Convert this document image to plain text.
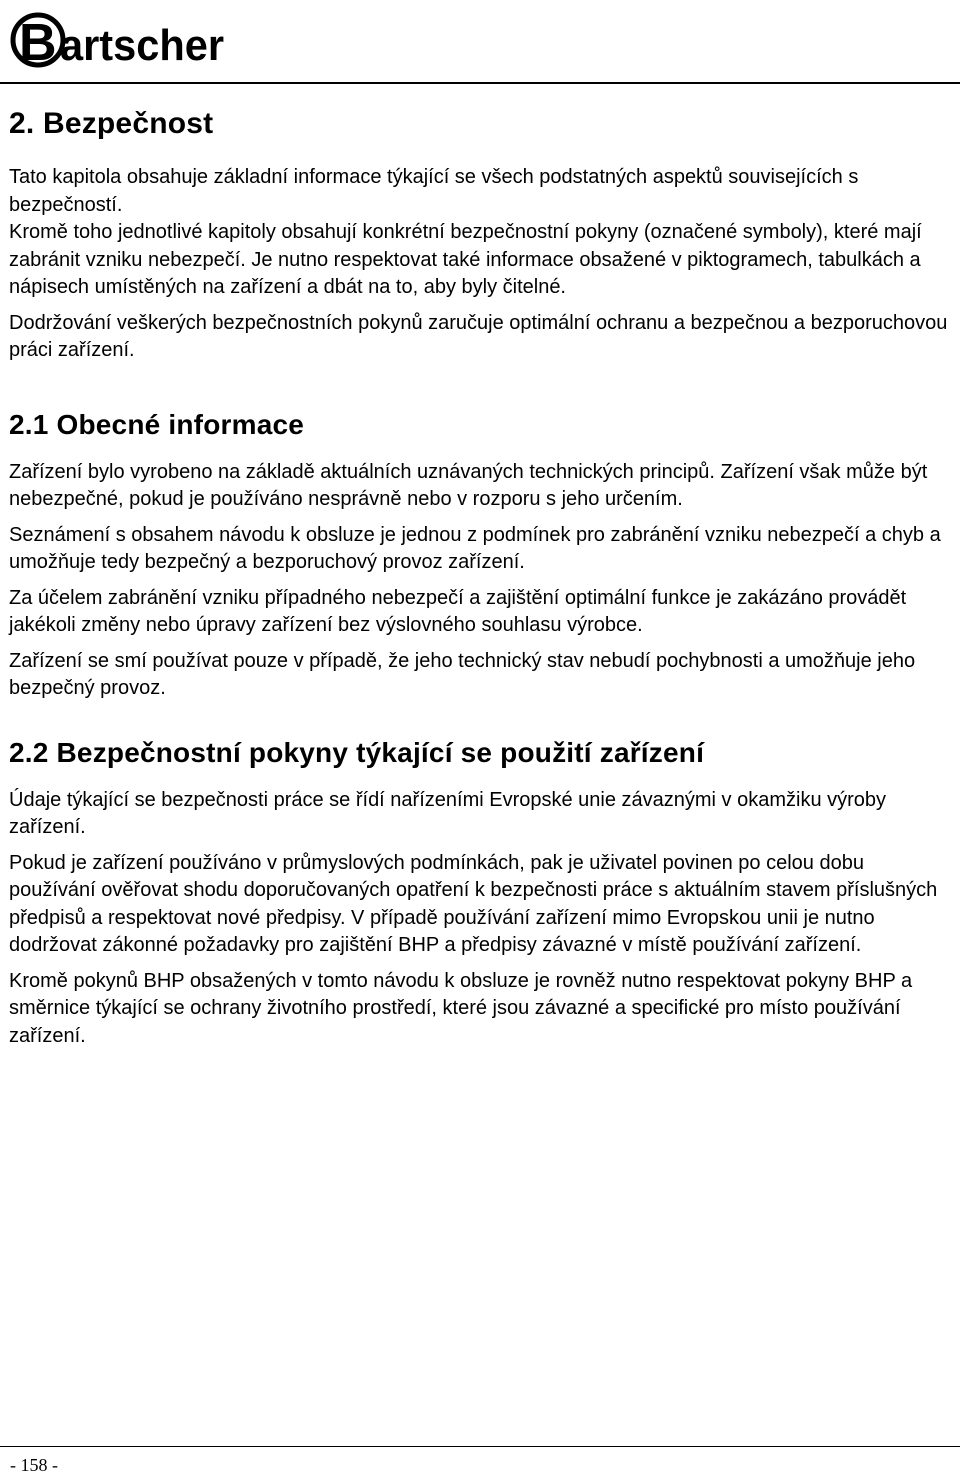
B artscher
2. Bezpečnost

Tato kapitola obsahuje základní informace týkající se všech podstatných aspektů souvisejících s bezpečností.

Kromě toho jednotlivé kapitoly obsahují konkrétní bezpečnostní pokyny (označené symboly), které mají zabránit vzniku nebezpečí. Je nutno respektovat také informace obsažené v piktogramech, tabulkách a nápisech umístěných na zařízení a dbát na to, aby byly čitelné.

Dodržování veškerých bezpečnostních pokynů zaručuje optimální ochranu a bezpečnou a bezporuchovou práci zařízení.

2.1 Obecné informace

Zařízení bylo vyrobeno na základě aktuálních uznávaných technických principů. Zařízení však může být nebezpečné, pokud je používáno nesprávně nebo v rozporu s jeho určením.

Seznámení s obsahem návodu k obsluze je jednou z podmínek pro zabránění vzniku nebezpečí a chyb a umožňuje tedy bezpečný a bezporuchový provoz zařízení.

Za účelem zabránění vzniku případného nebezpečí a zajištění optimální funkce je zakázáno provádět jakékoli změny nebo úpravy zařízení bez výslovného souhlasu výrobce.

Zařízení se smí používat pouze v případě, že jeho technický stav nebudí pochybnosti a umožňuje jeho bezpečný provoz.

2.2 Bezpečnostní pokyny týkající se použití zařízení

Údaje týkající se bezpečnosti práce se řídí nařízeními Evropské unie závaznými v okamžiku výroby zařízení.

Pokud je zařízení používáno v průmyslových podmínkách, pak je uživatel povinen po celou dobu používání ověřovat shodu doporučovaných opatření k bezpečnosti práce s aktuálním stavem příslušných předpisů a respektovat nové předpisy. V případě používání zařízení mimo Evropskou unii je nutno dodržovat zákonné požadavky pro zajištění BHP a předpisy závazné v místě používání zařízení.

Kromě pokynů BHP obsažených v tomto návodu k obsluze je rovněž nutno respektovat pokyny BHP a směrnice týkající se ochrany životního prostředí, které jsou závazné a specifické pro místo používání zařízení.

- 158 -
